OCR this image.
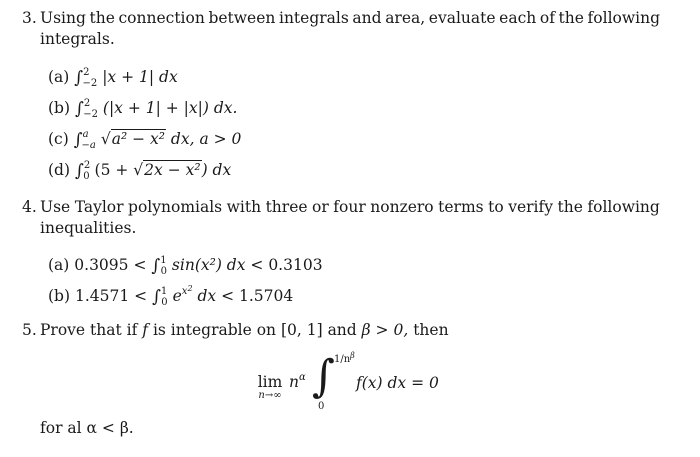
3. Using the connection between integrals and area, evaluate each of the following
integrals.
(a) ∫$^2_{-2}$ |x + 1| dx
(b) ∫$^2_{-2}$ (|x + 1| + |x|) dx.
(c) ∫$^a_{-a}$ √a² − x² dx, a > 0
(d) ∫$^2_0$ (5 + √2x − x²) dx
4. Use Taylor polynomials with three or four nonzero terms to verify the following
inequalities.
(a) 0.3095 < ∫$^1_0$ sin(x²) dx < 0.3103
(b) 1.4571 < ∫$^1_0$ $e^{x^2}$ dx < 1.5704
5. Prove that if f is integrable on [0, 1] and β > 0, then
lim
n→∞
$n^\alpha$ ∫ $1/n^\beta$
0
f(x) dx = 0
for al α < β.
